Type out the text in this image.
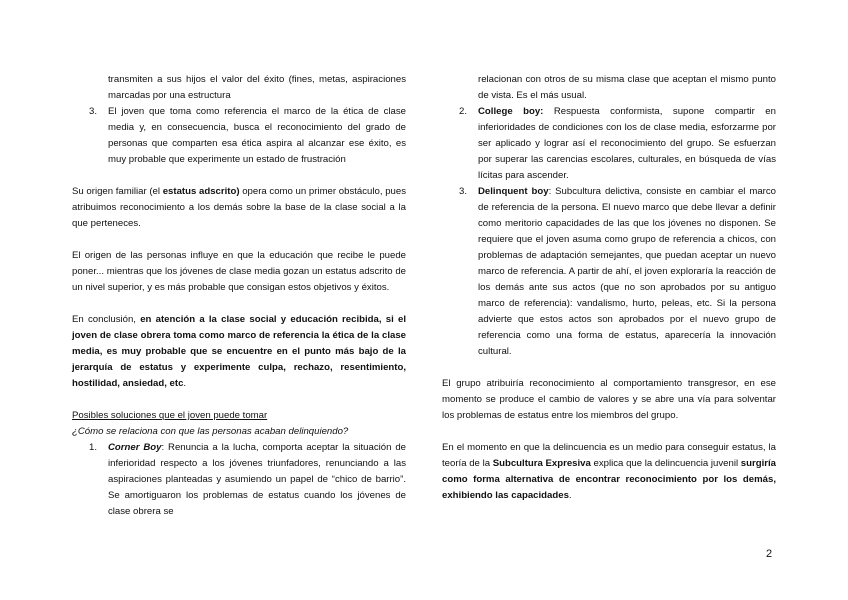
transmiten a sus hijos el valor del éxito (fines, metas, aspiraciones marcadas por una estructura

3. El joven que toma como referencia el marco de la ética de clase media y, en consecuencia, busca el reconocimiento del grado de personas que comparten esa ética aspira al alcanzar ese éxito, es muy probable que experimente un estado de frustración

Su origen familiar (el estatus adscrito) opera como un primer obstáculo, pues atribuimos reconocimiento a los demás sobre la base de la clase social a la que perteneces.

El origen de las personas influye en que la educación que recibe le puede poner... mientras que los jóvenes de clase media gozan un estatus adscrito de un nivel superior, y es más probable que consigan estos objetivos y éxitos.

En conclusión, en atención a la clase social y educación recibida, si el joven de clase obrera toma como marco de referencia la ética de la clase media, es muy probable que se encuentre en el punto más bajo de la jerarquía de estatus y experimente culpa, rechazo, resentimiento, hostilidad, ansiedad, etc.

Posibles soluciones que el joven puede tomar

¿Cómo se relaciona con que las personas acaban delinquiendo?

1. Corner Boy: Renuncia a la lucha, comporta aceptar la situación de inferioridad respecto a los jóvenes triunfadores, renunciando a las aspiraciones planteadas y asumiendo un papel de “chico de barrio”. Se amortiguaron los problemas de estatus cuando los jóvenes de clase obrera se

relacionan con otros de su misma clase que aceptan el mismo punto de vista. Es el más usual.

2. College boy: Respuesta conformista, supone compartir en inferioridades de condiciones con los de clase media, esforzarme por ser aplicado y lograr así el reconocimiento del grupo. Se esfuerzan por superar las carencias escolares, culturales, en búsqueda de vías lícitas para ascender.

3. Delinquent boy: Subcultura delictiva, consiste en cambiar el marco de referencia de la persona. El nuevo marco que debe llevar a definir como meritorio capacidades de las que los jóvenes no disponen. Se requiere que el joven asuma como grupo de referencia a chicos, con problemas de adaptación semejantes, que puedan aceptar un nuevo marco de referencia. A partir de ahí, el joven exploraría la reacción de los demás ante sus actos (que no son aprobados por su antiguo marco de referencia): vandalismo, hurto, peleas, etc. Si la persona advierte que estos actos son aprobados por el nuevo grupo de referencia como una forma de estatus, aparecería la innovación cultural.

El grupo atribuiría reconocimiento al comportamiento transgresor, en ese momento se produce el cambio de valores y se abre una vía para solventar los problemas de estatus entre los miembros del grupo.

En el momento en que la delincuencia es un medio para conseguir estatus, la teoría de la Subcultura Expresiva explica que la delincuencia juvenil surgiría como forma alternativa de encontrar reconocimiento por los demás, exhibiendo las capacidades.

2
